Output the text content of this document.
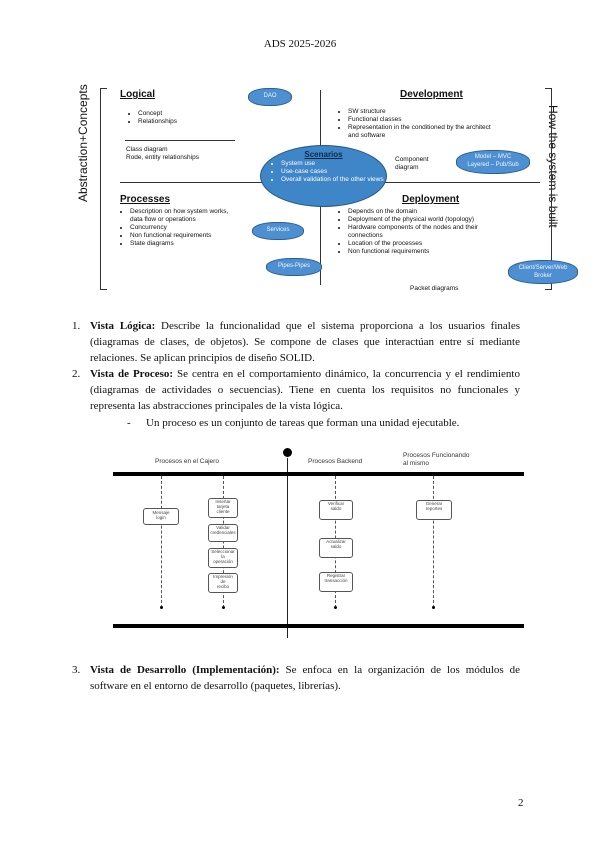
ADS 2025-2026
Abstraction+Concepts	How the system is built
Logical
• Concept
• Relationships
Class diagram
Rode, entity relationships
Development
• SW structure
• Functional classes
• Representation in the conditioned by the architect and software
Component diagram
Processes
• Description on how system works, data flow or operations
• Concurrency
• Non functional requirements
• State diagrams
Deployment
• Depends on the domain
• Deployment of the physical world (topology)
• Hardware components of the nodes and their connections
• Location of the processes
• Non functional requirements
Packet diagrams
Scenarios
• System use
• Use-case cases
• Overall validation of the other views
DAO
Model – MVC
Layered – Pub/Sub
Services
Pipes-Pipes	Client/Server/Web
Broker
1. Vista Lógica: Describe la funcionalidad que el sistema proporciona a los usuarios finales (diagramas de clases, de objetos). Se compone de clases que interactúan entre sí mediante relaciones. Se aplican principios de diseño SOLID.
2. Vista de Proceso: Se centra en el comportamiento dinámico, la concurrencia y el rendimiento (diagramas de actividades o secuencias). Tiene en cuenta los requisitos no funcionales y representa las abstracciones principales de la vista lógica.
- Un proceso es un conjunto de tareas que forman una unidad ejecutable.
Procesos en el Cajero	Procesos Backend
Procesos Funcionando
al mismo
Mensaje
login
Insertar
tarjeta
cliente
Validar
credenciales
Seleccionar
la
operación
Impresión
de
recibo
Verificar
saldo
Actualizar
saldo
Registrar
transacción
Generar
reportes
3. Vista de Desarrollo (Implementación): Se enfoca en la organización de los módulos de software en el entorno de desarrollo (paquetes, librerías).
2
